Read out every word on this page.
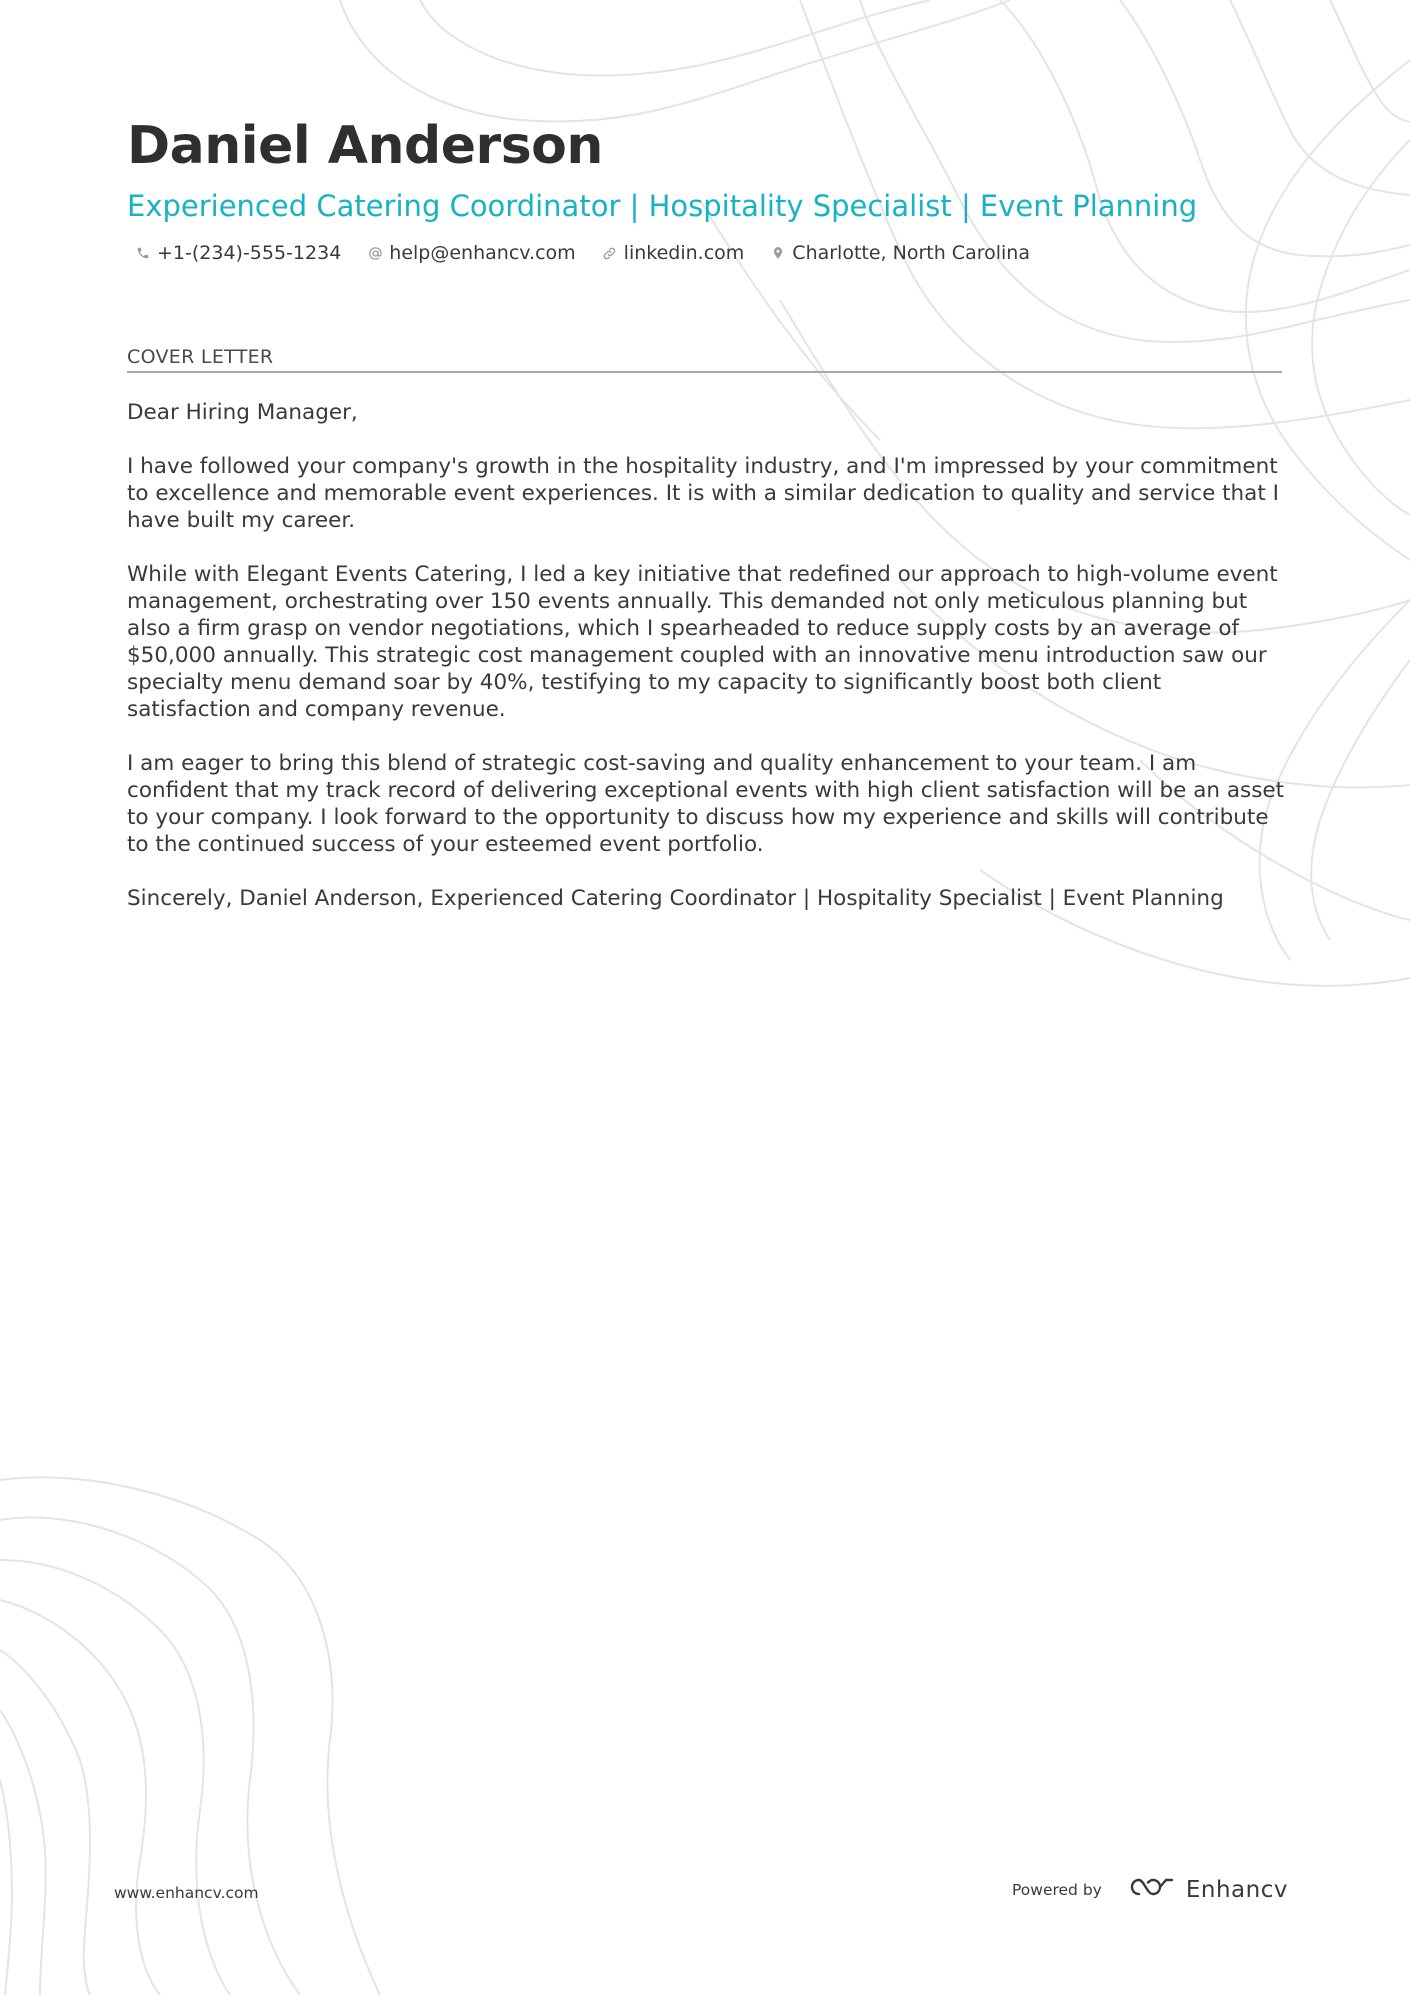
Daniel Anderson
Experienced Catering Coordinator | Hospitality Specialist | Event Planning
+1-(234)-555-1234	help@enhancv.com	linkedin.com	Charlotte, North Carolina
COVER LETTER

Dear Hiring Manager,

I have followed your company's growth in the hospitality industry, and I'm impressed by your commitment to excellence and memorable event experiences. It is with a similar dedication to quality and service that I have built my career.

While with Elegant Events Catering, I led a key initiative that redefined our approach to high-volume event management, orchestrating over 150 events annually. This demanded not only meticulous planning but also a firm grasp on vendor negotiations, which I spearheaded to reduce supply costs by an average of $50,000 annually. This strategic cost management coupled with an innovative menu introduction saw our specialty menu demand soar by 40%, testifying to my capacity to significantly boost both client satisfaction and company revenue.

I am eager to bring this blend of strategic cost-saving and quality enhancement to your team. I am confident that my track record of delivering exceptional events with high client satisfaction will be an asset to your company. I look forward to the opportunity to discuss how my experience and skills will contribute to the continued success of your esteemed event portfolio.

Sincerely, Daniel Anderson, Experienced Catering Coordinator | Hospitality Specialist | Event Planning

www.enhancv.com	Powered by	Enhancv
